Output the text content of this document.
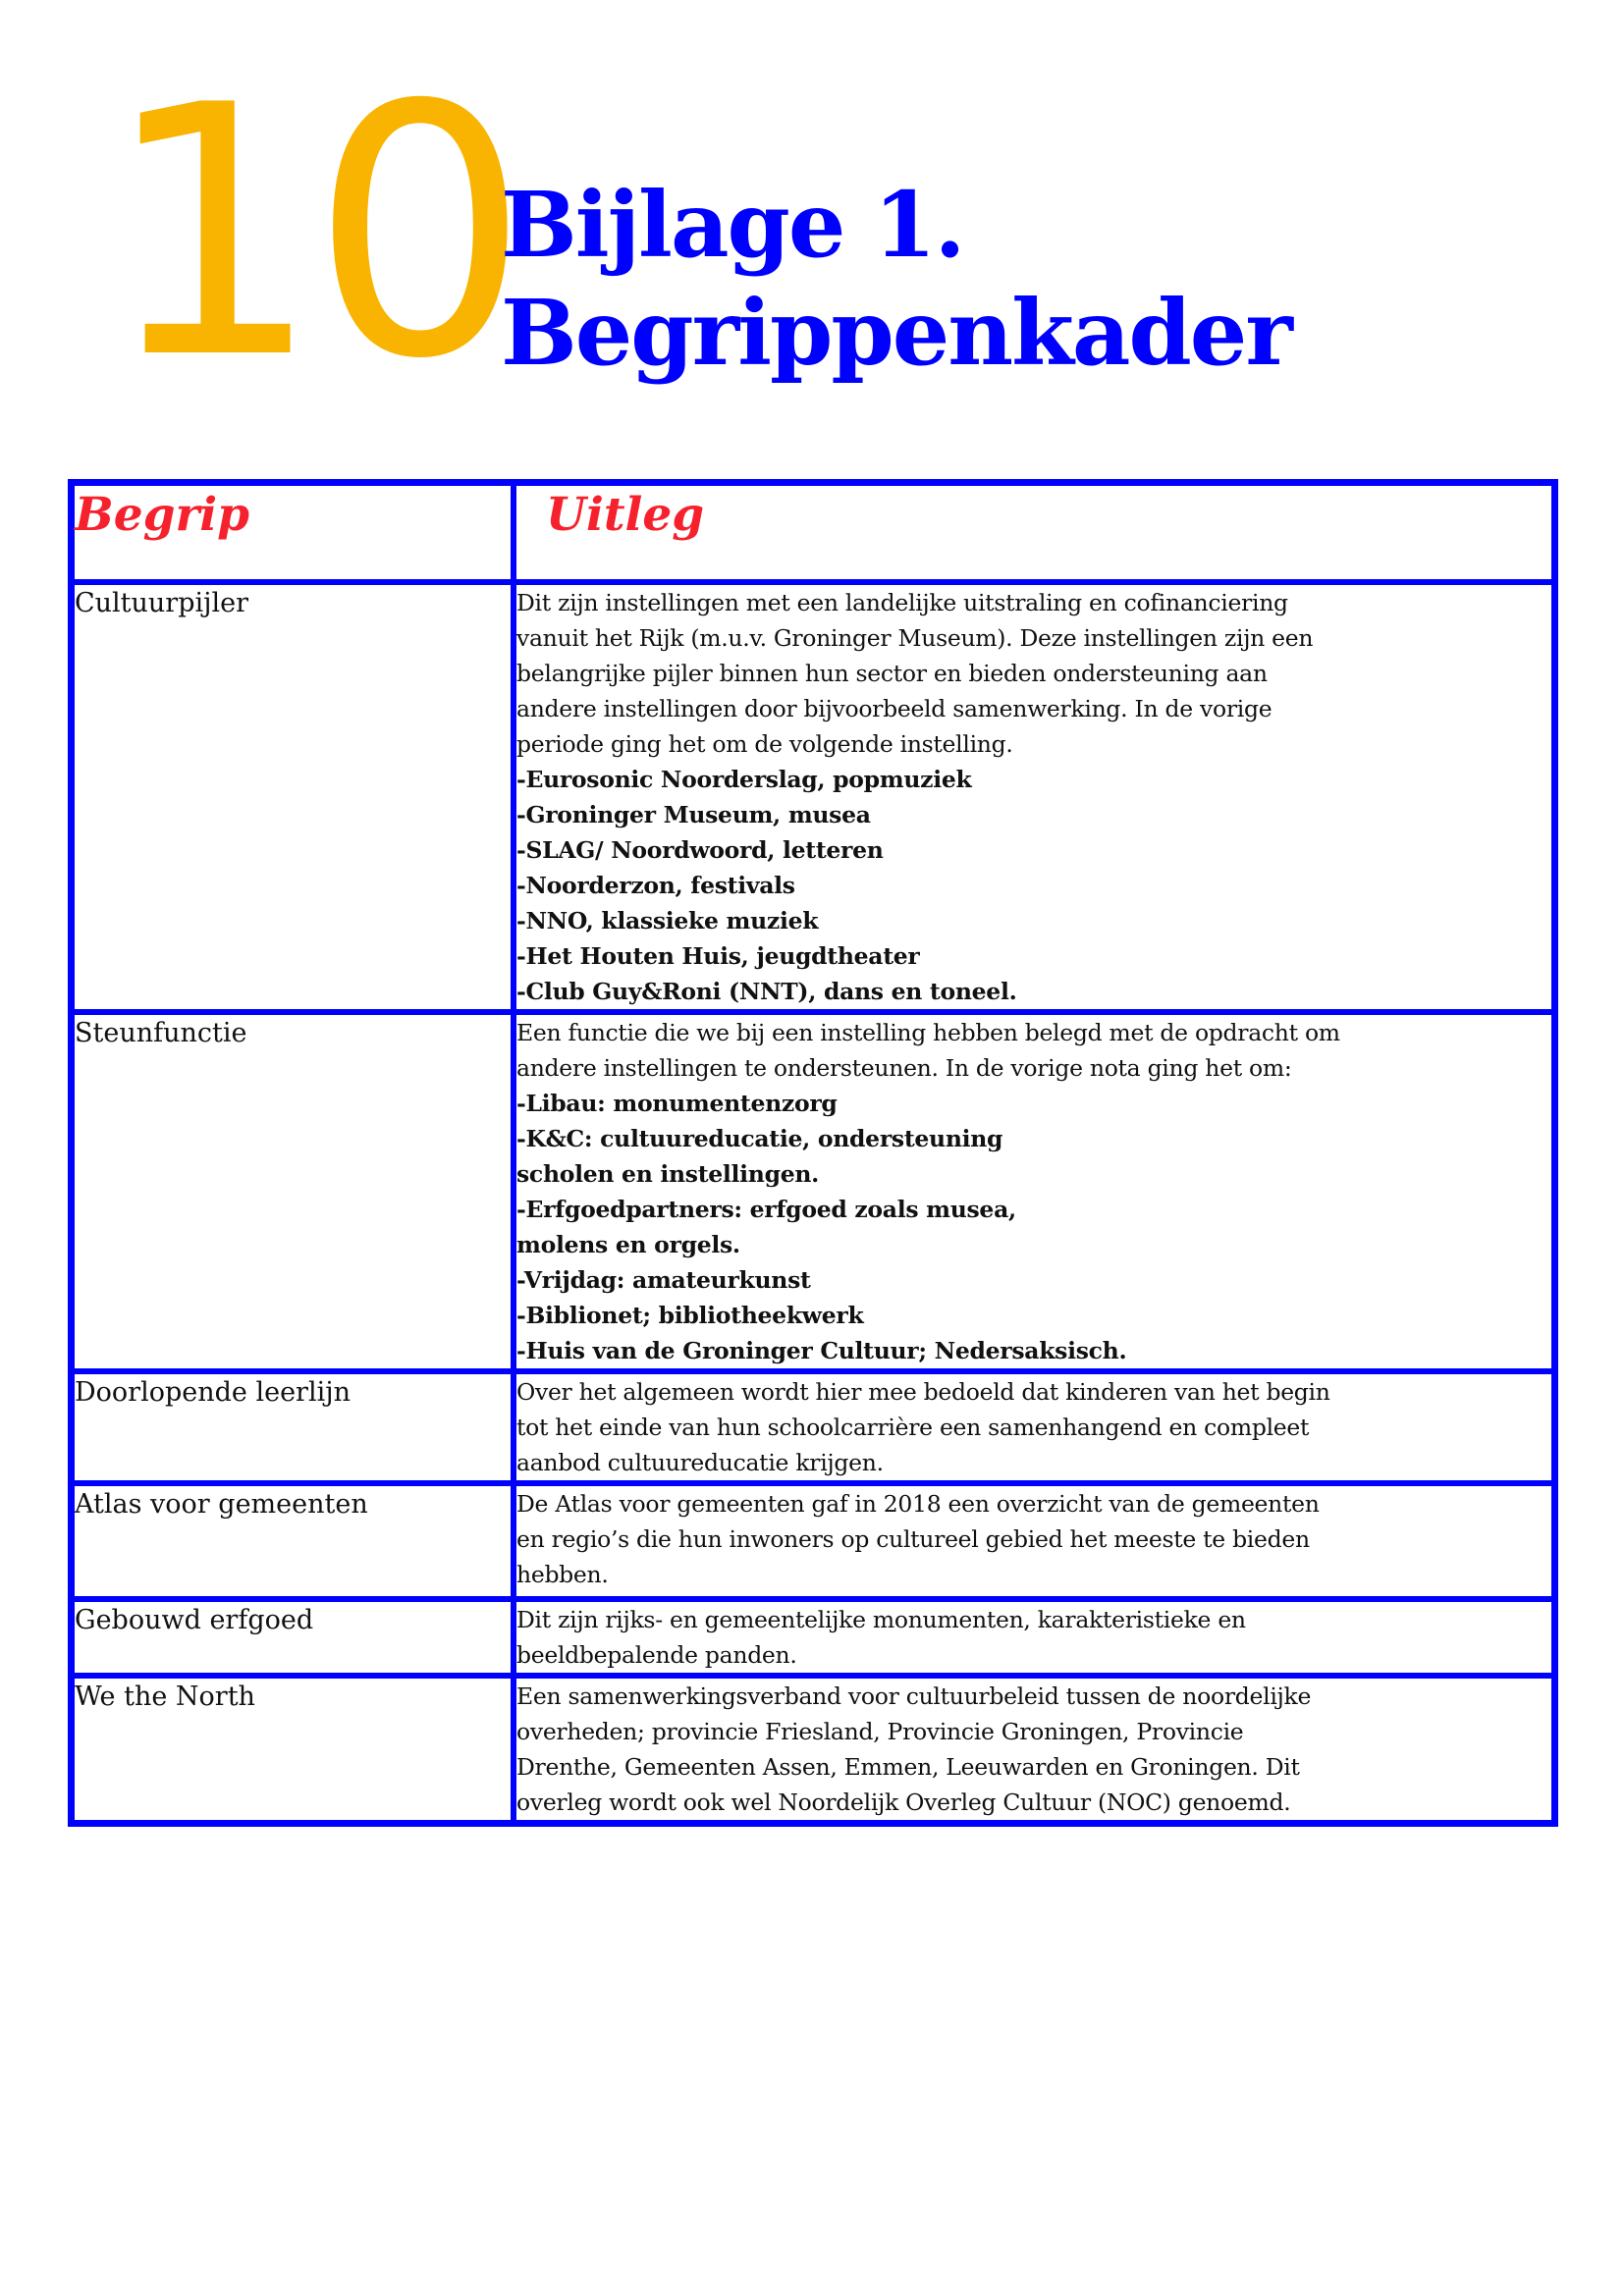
10
Bijlage 1.
Begrippenkader
Begrip	Uitleg
Cultuurpijler	Dit zijn instellingen met een landelijke uitstraling en cofinanciering
vanuit het Rijk (m.u.v. Groninger Museum). Deze instellingen zijn een
belangrijke pijler binnen hun sector en bieden ondersteuning aan
andere instellingen door bijvoorbeeld samenwerking. In de vorige
periode ging het om de volgende instelling.
-Eurosonic Noorderslag, popmuziek
-Groninger Museum, musea
-SLAG/ Noordwoord, letteren
-Noorderzon, festivals
-NNO, klassieke muziek
-Het Houten Huis, jeugdtheater
-Club Guy&Roni (NNT), dans en toneel.

Steunfunctie	Een functie die we bij een instelling hebben belegd met de opdracht om
andere instellingen te ondersteunen. In de vorige nota ging het om:
-Libau: monumentenzorg
-K&C: cultuureducatie, ondersteuning
scholen en instellingen.
-Erfgoedpartners: erfgoed zoals musea,
molens en orgels.
-Vrijdag: amateurkunst
-Biblionet; bibliotheekwerk
-Huis van de Groninger Cultuur; Nedersaksisch.

Doorlopende leerlijn	Over het algemeen wordt hier mee bedoeld dat kinderen van het begin
tot het einde van hun schoolcarrière een samenhangend en compleet
aanbod cultuureducatie krijgen.

Atlas voor gemeenten	De Atlas voor gemeenten gaf in 2018 een overzicht van de gemeenten
en regio’s die hun inwoners op cultureel gebied het meeste te bieden
hebben.

Gebouwd erfgoed	Dit zijn rijks- en gemeentelijke monumenten, karakteristieke en
beeldbepalende panden.

We the North	Een samenwerkingsverband voor cultuurbeleid tussen de noordelijke
overheden; provincie Friesland, Provincie Groningen, Provincie
Drenthe, Gemeenten Assen, Emmen, Leeuwarden en Groningen. Dit
overleg wordt ook wel Noordelijk Overleg Cultuur (NOC) genoemd.
